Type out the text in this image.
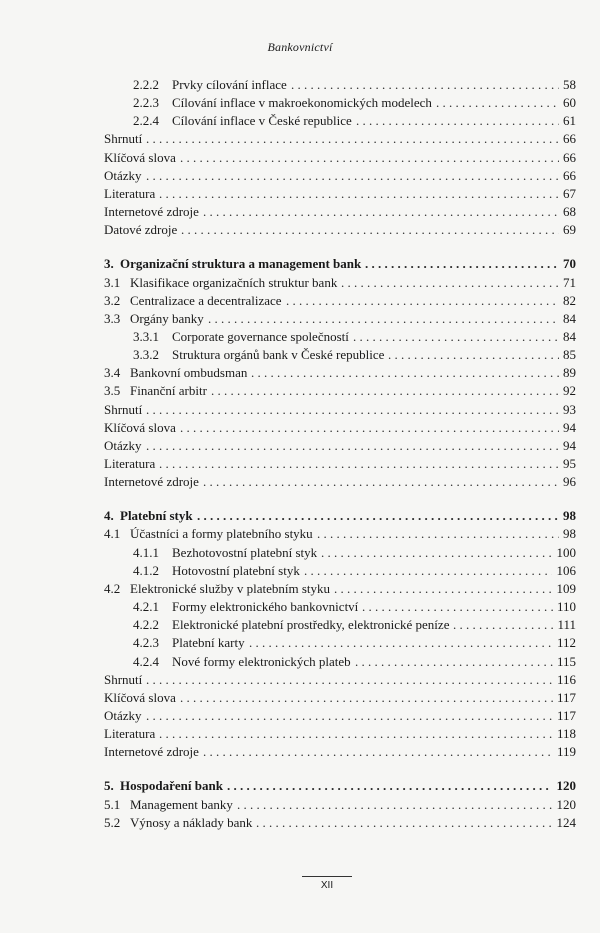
Bankovnictví
2.2.2 Prvky cílování inflace . . .	58
2.2.3 Cílování inflace v makroekonomických modelech . . .	60
2.2.4 Cílování inflace v České republice . . .	61
Shrnutí . . .	66
Klíčová slova . . .	66
Otázky . . .	66
Literatura . . .	67
Internetové zdroje . . .	68
Datové zdroje . . .	69
3. Organizační struktura a management bank . . .	70
3.1 Klasifikace organizačních struktur bank . . .	71
3.2 Centralizace a decentralizace . . .	82
3.3 Orgány banky . . .	84
3.3.1 Corporate governance společností . . .	84
3.3.2 Struktura orgánů bank v České republice . . .	85
3.4 Bankovní ombudsman . . .	89
3.5 Finanční arbitr . . .	92
Shrnutí . . .	93
Klíčová slova . . .	94
Otázky . . .	94
Literatura . . .	95
Internetové zdroje . . .	96
4. Platební styk . . .	98
4.1 Účastníci a formy platebního styku . . .	98
4.1.1 Bezhotovostní platební styk . . .	100
4.1.2 Hotovostní platební styk . . .	106
4.2 Elektronické služby v platebním styku . . .	109
4.2.1 Formy elektronického bankovnictví . . .	110
4.2.2 Elektronické platební prostředky, elektronické peníze . . .	111
4.2.3 Platební karty . . .	112
4.2.4 Nové formy elektronických plateb . . .	115
Shrnutí . . .	116
Klíčová slova . . .	117
Otázky . . .	117
Literatura . . .	118
Internetové zdroje . . .	119
5. Hospodaření bank . . .	120
5.1 Management banky . . .	120
5.2 Výnosy a náklady bank . . .	124
XII
